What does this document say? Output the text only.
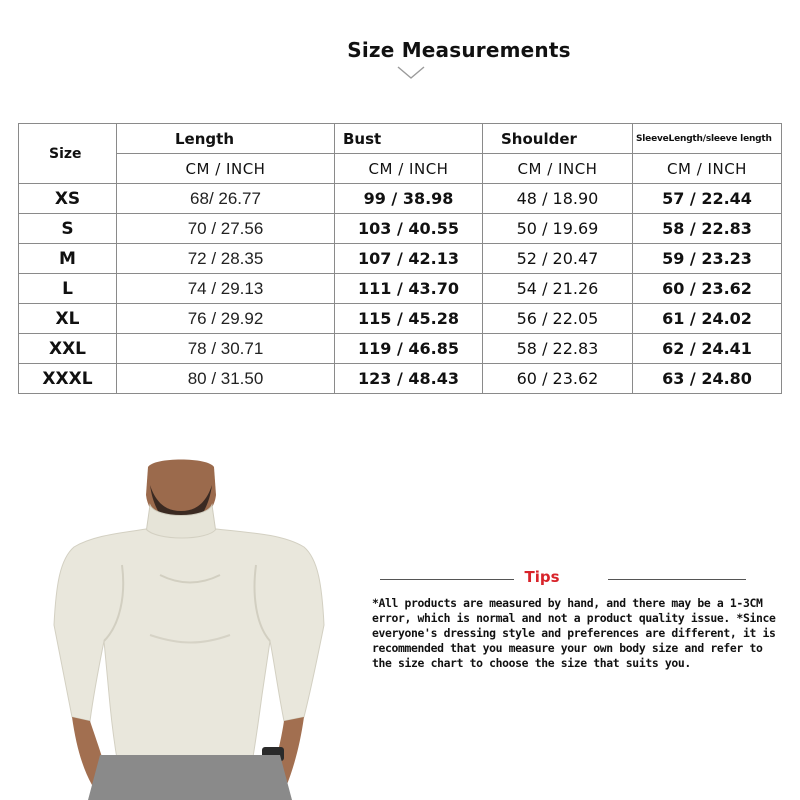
Size Measurements
Size	Length	Bust	Shoulder	SleeveLength/sleeve length
	CM / INCH	CM / INCH	CM / INCH	CM / INCH
XS	68/ 26.77	99 / 38.98	48 / 18.90	57 / 22.44
S	70 / 27.56	103 / 40.55	50 / 19.69	58 / 22.83
M	72 / 28.35	107 / 42.13	52 / 20.47	59 / 23.23
L	74 / 29.13	111 / 43.70	54 / 21.26	60 / 23.62
XL	76 / 29.92	115 / 45.28	56 / 22.05	61 / 24.02
XXL	78 / 30.71	119 / 46.85	58 / 22.83	62 / 24.41
XXXL	80 / 31.50	123 / 48.43	60 / 23.62	63 / 24.80
Tips
*All products are measured by hand, and there may be a 1-3CM error, which is normal and not a product quality issue. *Since everyone's dressing style and preferences are different, it is recommended that you measure your own body size and refer to the size chart to choose the size that suits you.
